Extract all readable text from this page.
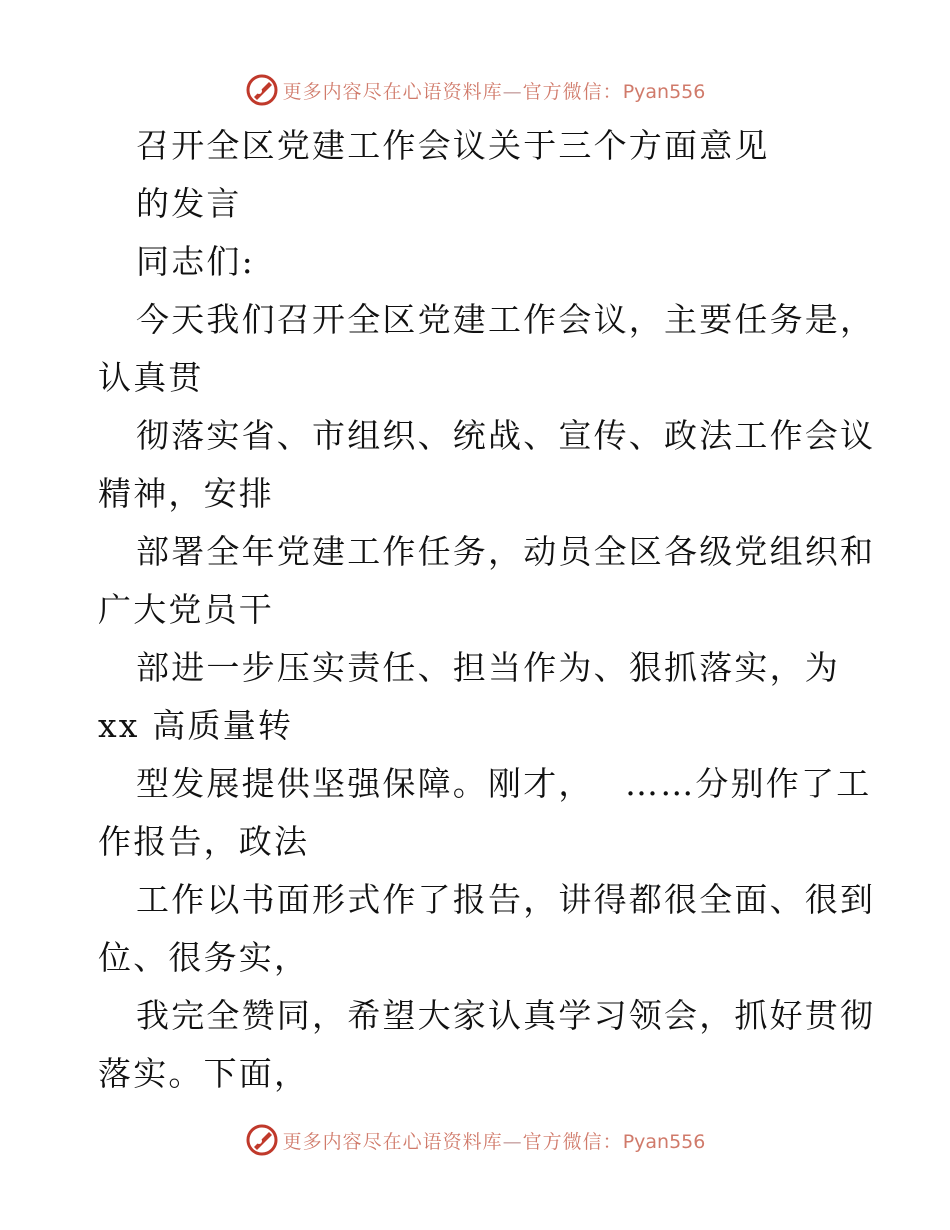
更多内容尽在心语资料库—官方微信：Pyan556
召开全区党建工作会议关于三个方面意见
的发言
同志们:
今天我们召开全区党建工作会议，主要任务是，
认真贯
彻落实省、市组织、统战、宣传、政法工作会议
精神，安排
部署全年党建工作任务，动员全区各级党组织和
广大党员干
部进一步压实责任、担当作为、狠抓落实，为
xx 高质量转
型发展提供坚强保障。刚才，　 ……分别作了工
作报告，政法
工作以书面形式作了报告，讲得都很全面、很到
位、很务实，
我完全赞同，希望大家认真学习领会，抓好贯彻
落实。下面，
更多内容尽在心语资料库—官方微信：Pyan556
